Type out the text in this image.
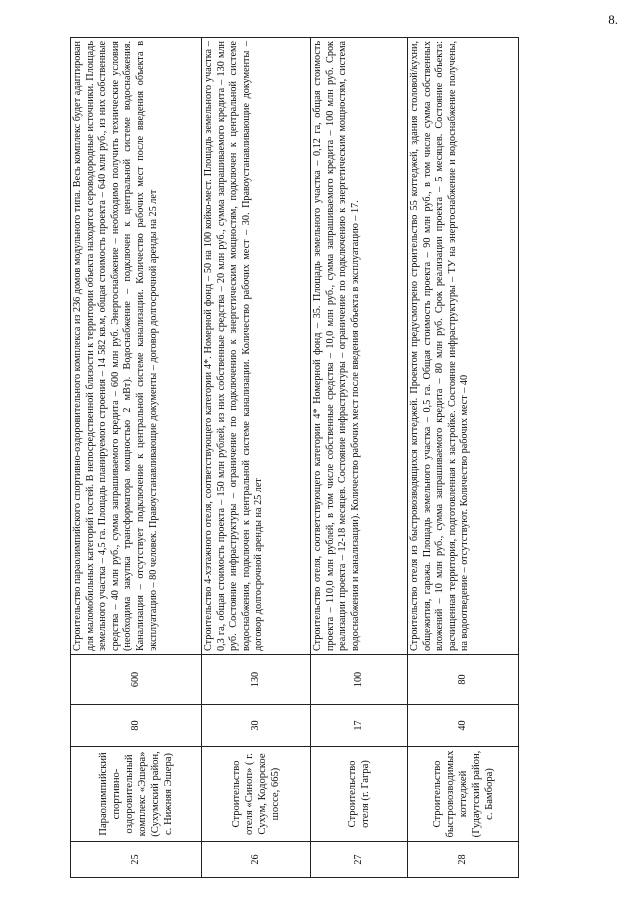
8.
25	Параолимпийский спортивно-оздоровительный комплекс «Эшера» (Сухумский район, с. Нижняя Эшера)	80	600	Строительство параолимпийского спортивно-оздоровительного комплекса из 236 домов модульного типа. Весь комплекс будет адаптирован для маломобильных категорий гостей. В непосредственной близости к территории объекта находятся сероводородные источники. Площадь земельного участка – 4,5 га. Площадь планируемого строения – 14 582 кв.м, общая стоимость проекта – 640 млн руб., из них собственные средства – 40 млн руб., сумма запрашиваемого кредита – 600 млн руб. Энергоснабжение – необходимо получить технические условия (необходима закупка трансформатора мощностью 2 мВт). Водоснабжение – подключен к центральной системе водоснабжения. Канализация – отсутствует подключение к центральной системе канализации. Количество рабочих мест после введения объекта в эксплуатацию – 80 человек. Правоустанавливающие документы – договор долгосрочной аренды на 25 лет
26	Строительство отеля «Синоп» ( г. Сухум, Кодорское шоссе, 665)	30	130	Строительство 4-хэтажного отеля, соответствующего категории 4*. Номерной фонд – 50 на 100 койко-мест. Площадь земельного участка – 0,3 га, общая стоимость проекта – 150 млн рублей, из них собственные средства – 20 млн руб., сумма запрашиваемого кредита – 130 млн руб. Состояние инфраструктуры – ограничение по подключению к энергетическим мощностям, подключен к центральной системе водоснабжения, подключен к центральной системе канализации. Количество рабочих мест – 30. Правоустанавливающие документы – договор долгосрочной аренды на 25 лет
27	Строительство отеля (г. Гагра)	17	100	Строительство отеля, соответствующего категории 4* Номерной фонд – 35. Площадь земельного участка – 0,12 га, общая стоимость проекта – 110,0 млн рублей, в том числе собственные средства – 10,0 млн руб., сумма запрашиваемого кредита – 100 млн руб. Срок реализации проекта – 12-18 месяцев. Состояние инфраструктуры – ограничение по подключению к энергетическим мощностям, система водоснабжения и канализации). Количество рабочих мест после введения объекта в эксплуатацию – 17.
28	Строительство быстровозводимых коттеджей (Гудаутский район, с. Бамбора)	40	80	Строительство отеля из быстровозводящихся коттеджей. Проектом предусмотрено строительство 55 коттеджей, здания столовой/кухни, общежития, гаража. Площадь земельного участка – 0,5 га. Общая стоимость проекта – 90 млн руб., в том числе сумма собственных вложений – 10 млн руб., сумма запрашиваемого кредита – 80 млн руб. Срок реализации проекта – 5 месяцев. Состояние объекта: расчищенная территория, подготовленная к застройке. Состояние инфраструктуры – ТУ на энергоснабжение и водоснабжение получены, на водоотведение – отсутствуют. Количество рабочих мест – 40
